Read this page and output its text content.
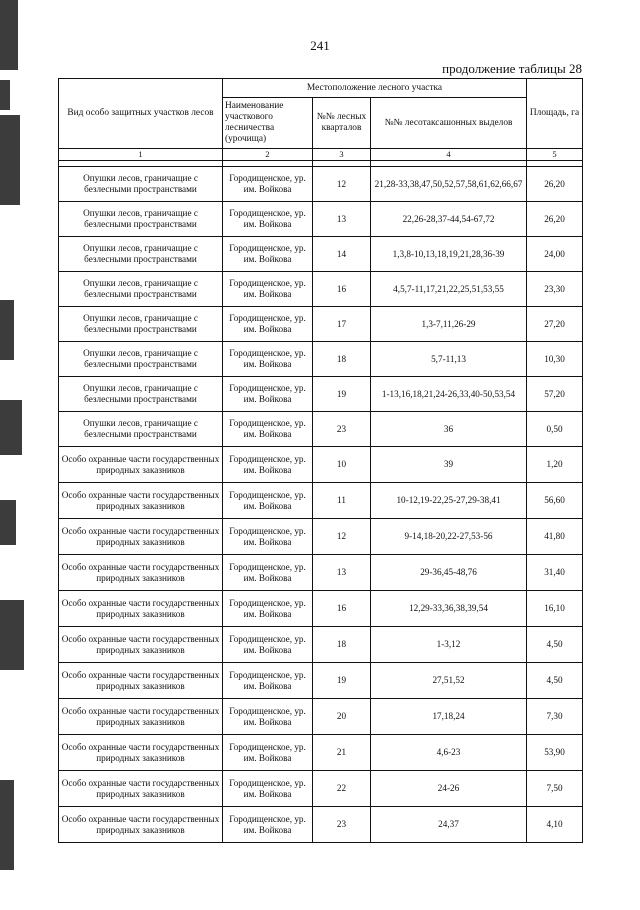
241
продолжение таблицы 28
Вид особо защитных участков лесов	Местоположение лесного участка			Площадь, га
	Наименование участкового лесничества (урочища)	№№ лесных кварталов	№№ лесотаксашонных выделов	
1	2	3	4	5

Опушки лесов, граничащие с безлесными пространствами	Городищенское, ур. им. Войкова	12	21,28-33,38,47,50,52,57,58,61,62,66,67	26,20
Опушки лесов, граничащие с безлесными пространствами	Городищенское, ур. им. Войкова	13	22,26-28,37-44,54-67,72	26,20
Опушки лесов, граничащие с безлесными пространствами	Городищенское, ур. им. Войкова	14	1,3,8-10,13,18,19,21,28,36-39	24,00
Опушки лесов, граничащие с безлесными пространствами	Городищенское, ур. им. Войкова	16	4,5,7-11,17,21,22,25,51,53,55	23,30
Опушки лесов, граничащие с безлесными пространствами	Городищенское, ур. им. Войкова	17	1,3-7,11,26-29	27,20
Опушки лесов, граничащие с безлесными пространствами	Городищенское, ур. им. Войкова	18	5,7-11,13	10,30
Опушки лесов, граничащие с безлесными пространствами	Городищенское, ур. им. Войкова	19	1-13,16,18,21,24-26,33,40-50,53,54	57,20
Опушки лесов, граничащие с безлесными пространствами	Городищенское, ур. им. Войкова	23	36	0,50
Особо охранные части государственных природных заказников	Городищенское, ур. им. Войкова	10	39	1,20
Особо охранные части государственных природных заказников	Городищенское, ур. им. Войкова	11	10-12,19-22,25-27,29-38,41	56,60
Особо охранные части государственных природных заказников	Городищенское, ур. им. Войкова	12	9-14,18-20,22-27,53-56	41,80
Особо охранные части государственных природных заказников	Городищенское, ур. им. Войкова	13	29-36,45-48,76	31,40
Особо охранные части государственных природных заказников	Городищенское, ур. им. Войкова	16	12,29-33,36,38,39,54	16,10
Особо охранные части государственных природных заказников	Городищенское, ур. им. Войкова	18	1-3,12	4,50
Особо охранные части государственных природных заказников	Городищенское, ур. им. Войкова	19	27,51,52	4,50
Особо охранные части государственных природных заказников	Городищенское, ур. им. Войкова	20	17,18,24	7,30
Особо охранные части государственных природных заказников	Городищенское, ур. им. Войкова	21	4,6-23	53,90
Особо охранные части государственных природных заказников	Городищенское, ур. им. Войкова	22	24-26	7,50
Особо охранные части государственных природных заказников	Городищенское, ур. им. Войкова	23	24,37	4,10
